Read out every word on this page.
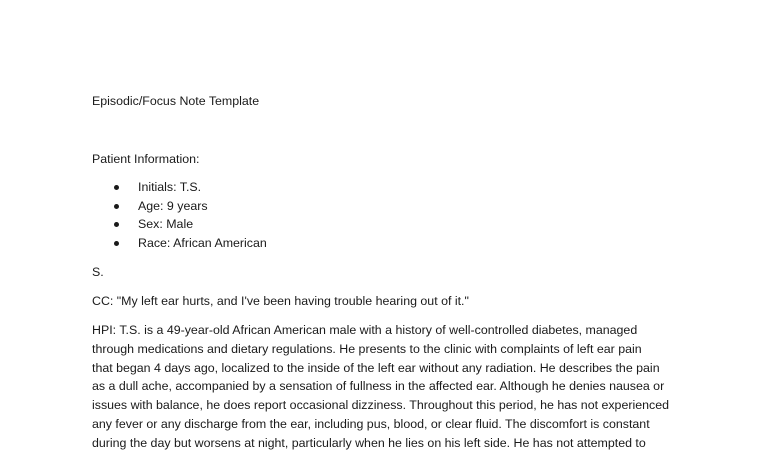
Episodic/Focus Note Template
Patient Information:
Initials: T.S.
Age: 9 years
Sex: Male
Race: African American
S.
CC: "My left ear hurts, and I've been having trouble hearing out of it."
HPI: T.S. is a 49-year-old African American male with a history of well-controlled diabetes, managed
through medications and dietary regulations. He presents to the clinic with complaints of left ear pain
that began 4 days ago, localized to the inside of the left ear without any radiation. He describes the pain
as a dull ache, accompanied by a sensation of fullness in the affected ear. Although he denies nausea or
issues with balance, he does report occasional dizziness. Throughout this period, he has not experienced
any fever or any discharge from the ear, including pus, blood, or clear fluid. The discomfort is constant
during the day but worsens at night, particularly when he lies on his left side. He has not attempted to
